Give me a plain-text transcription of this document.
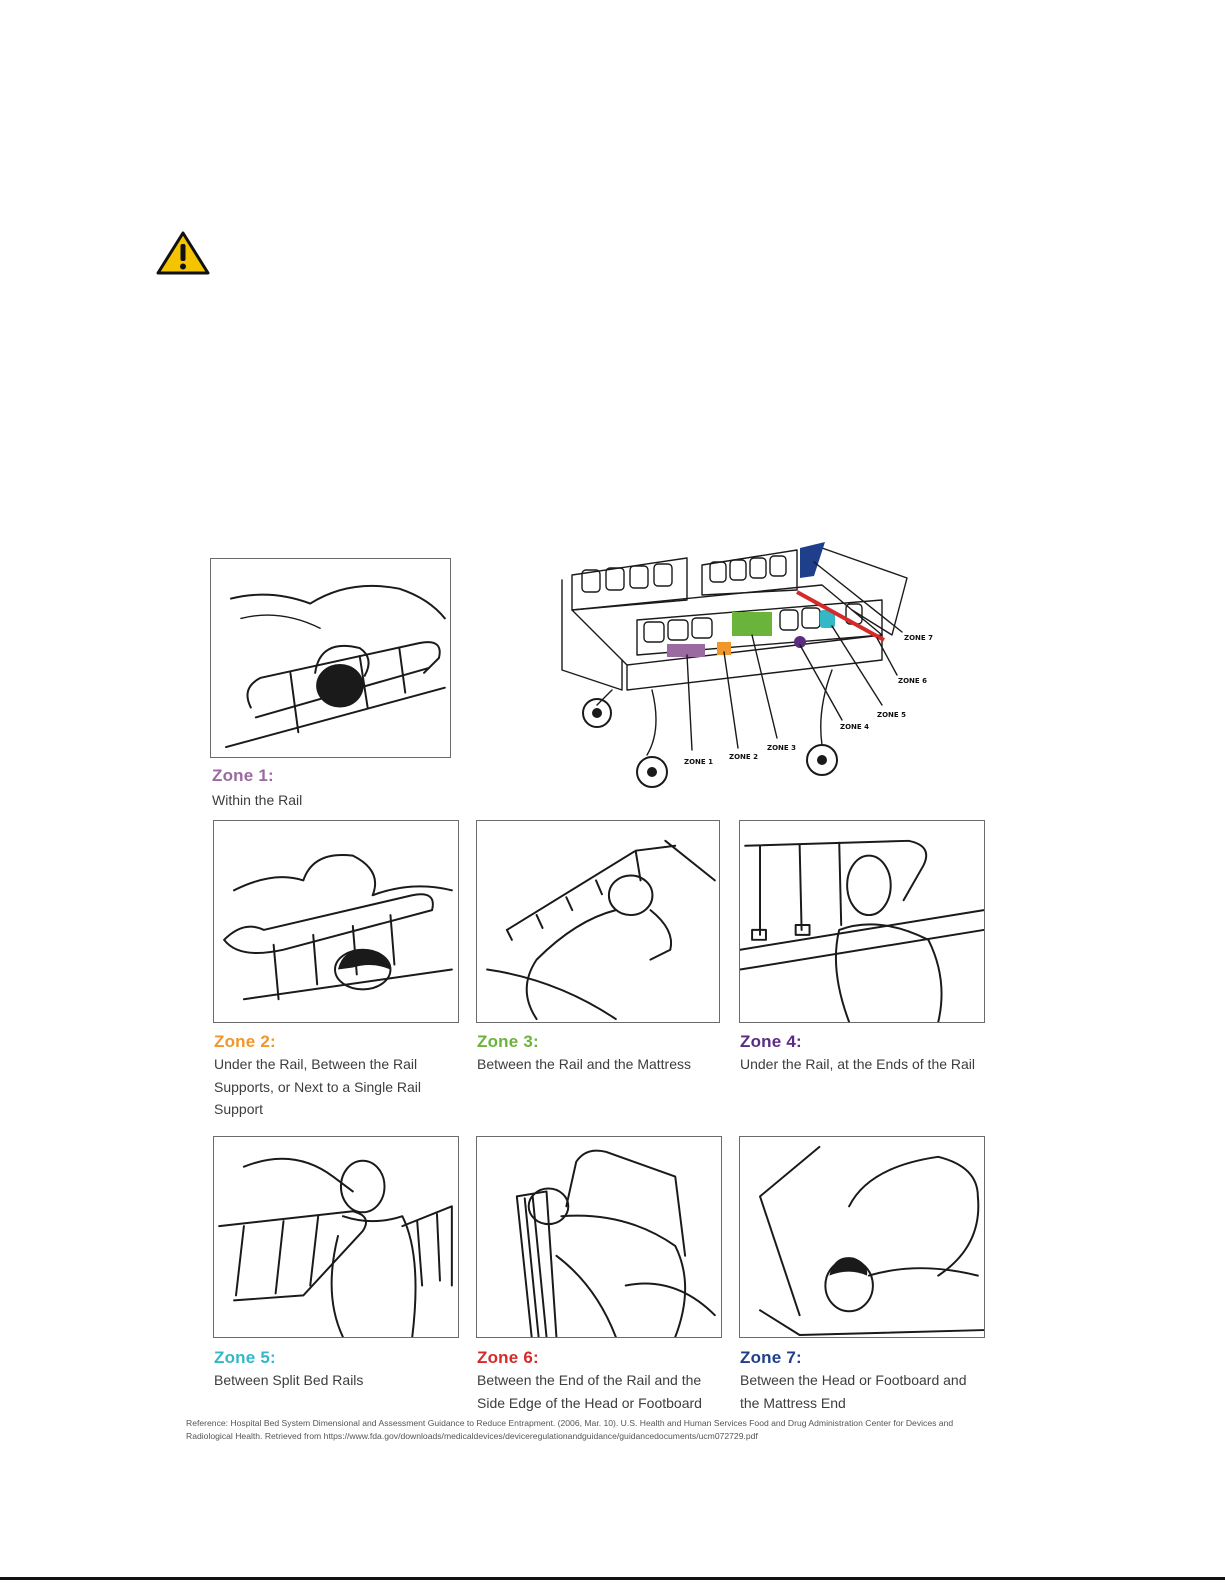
Zone 1:
Within the Rail
ZONE 1
ZONE 2
ZONE 3
ZONE 4
ZONE 5
ZONE 6
ZONE 7
Zone 2:
Under the Rail, Between the Rail
Supports, or Next to a Single Rail
Support
Zone 3:
Between the Rail and the Mattress
Zone 4:
Under the Rail, at the Ends of the Rail
Zone 5:
Between Split Bed Rails
Zone 6:
Between the End of the Rail and the
Side Edge of the Head or Footboard
Zone 7:
Between the Head or Footboard and
the Mattress End
Reference: Hospital Bed System Dimensional and Assessment Guidance to Reduce Entrapment. (2006, Mar. 10). U.S. Health and Human Services Food and Drug Administration Center for Devices and
Radiological Health. Retrieved from https://www.fda.gov/downloads/medicaldevices/deviceregulationandguidance/guidancedocuments/ucm072729.pdf
